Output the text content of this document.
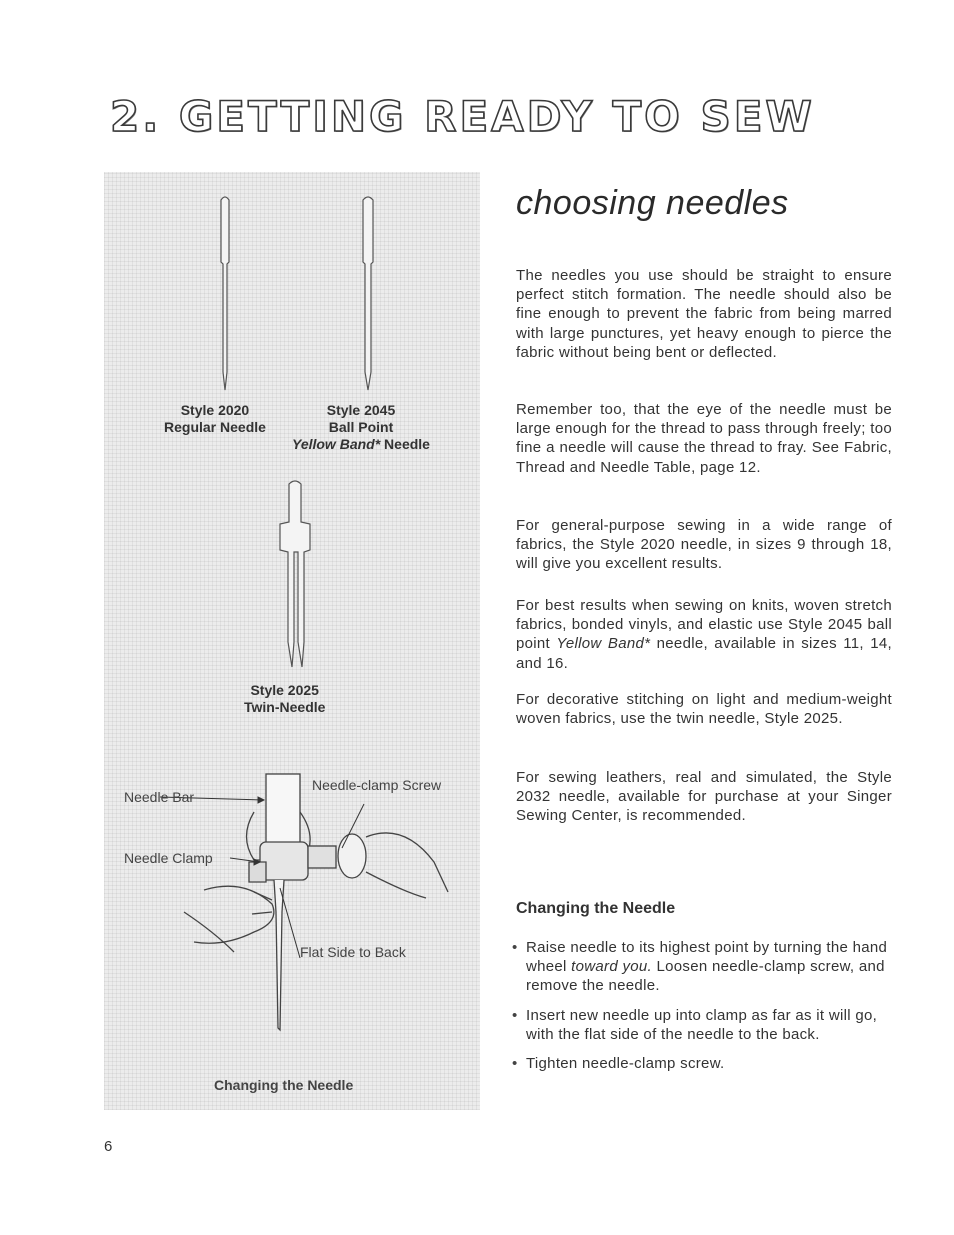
2. GETTING READY TO SEW
Style 2020
Regular Needle
Style 2045
Ball Point
Yellow Band* Needle
Style 2025
Twin-Needle
Needle Bar
Needle-clamp Screw
Needle Clamp
Flat Side to Back
Changing the Needle
choosing needles

The needles you use should be straight to ensure perfect stitch formation. The needle should also be fine enough to prevent the fabric from being marred with large punctures, yet heavy enough to pierce the fabric without being bent or deflected.

Remember too, that the eye of the needle must be large enough for the thread to pass through freely; too fine a needle will cause the thread to fray. See Fabric, Thread and Needle Table, page 12.

For general-purpose sewing in a wide range of fabrics, the Style 2020 needle, in sizes 9 through 18, will give you excellent results.

For best results when sewing on knits, woven stretch fabrics, bonded vinyls, and elastic use Style 2045 ball point Yellow Band* needle, available in sizes 11, 14, and 16.

For decorative stitching on light and medium-weight woven fabrics, use the twin needle, Style 2025.

For sewing leathers, real and simulated, the Style 2032 needle, available for purchase at your Singer Sewing Center, is recommended.

Changing the Needle
• Raise needle to its highest point by turning the hand wheel toward you. Loosen needle-clamp screw, and remove the needle.
• Insert new needle up into clamp as far as it will go, with the flat side of the needle to the back.
• Tighten needle-clamp screw.
6
